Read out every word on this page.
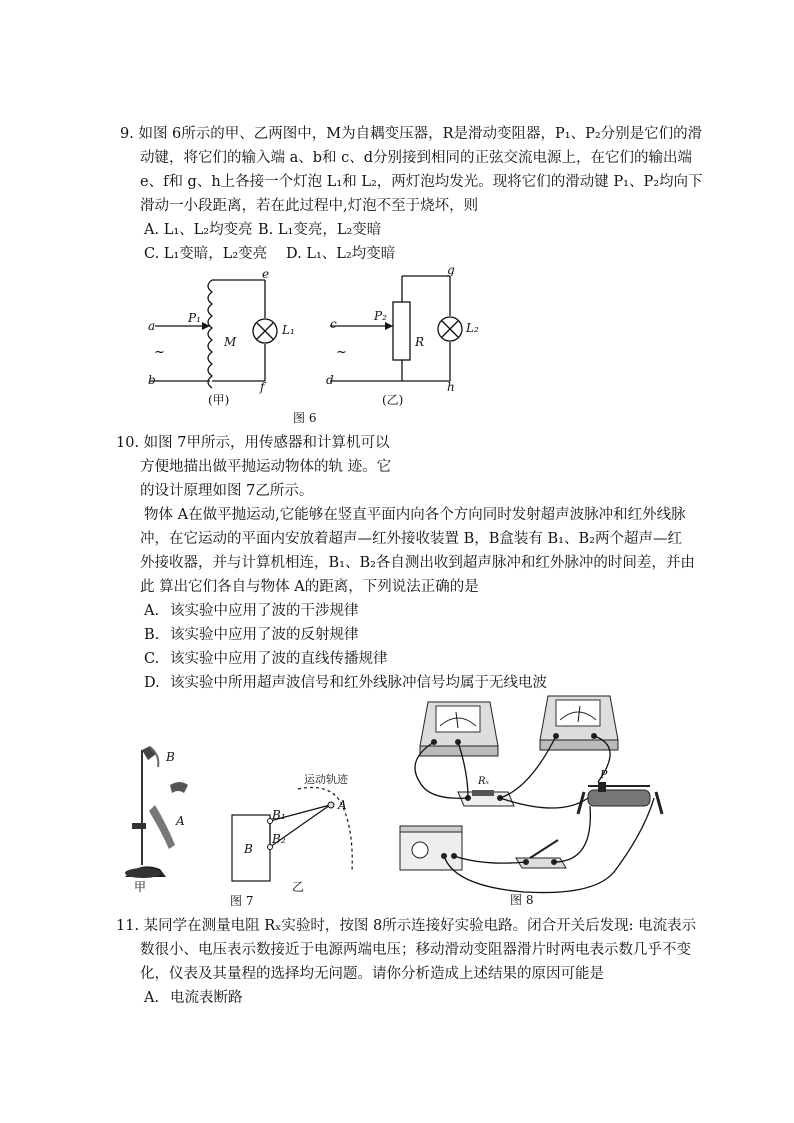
9. 如图 6所示的甲、乙两图中，M为自耦变压器，R是滑动变阻器，P₁、P₂分别是它们的滑
动键，将它们的输入端 a、b和 c、d分别接到相同的正弦交流电源上，在它们的输出端
e、f和 g、h上各接一个灯泡 L₁和 L₂，两灯泡均发光。现将它们的滑动键 P₁、P₂均向下
滑动一小段距离，若在此过程中,灯泡不至于烧坏，则
A. L₁、L₂均变亮 B. L₁变亮，L₂变暗
C. L₁变暗，L₂变亮 D. L₁、L₂均变暗
a
b
e
f
P₁
M
L₁	c
d
g
h
P₂
R
L₂
~	~
(甲)	(乙)
图 6
10. 如图 7甲所示，用传感器和计算机可以
方便地描出做平抛运动物体的轨 迹。它
的设计原理如图 7乙所示。
物体 A在做平抛运动,它能够在竖直平面内向各个方向同时发射超声波脉冲和红外线脉
冲，在它运动的平面内安放着超声—红外接收装置 B，B盒装有 B₁、B₂两个超声—红
外接收器，并与计算机相连，B₁、B₂各自测出收到超声脉冲和红外脉冲的时间差，并由
此 算出它们各自与物体 A的距离，下列说法正确的是
A. 该实验中应用了波的干涉规律
B. 该实验中应用了波的反射规律
C. 该实验中应用了波的直线传播规律
D. 该实验中所用超声波信号和红外线脉冲信号均属于无线电波
B
A
甲
B
B₁
B₂
A
运动轨迹
乙
图 7
Rₓ
P
图 8
11. 某同学在测量电阻 Rₓ实验时，按图 8所示连接好实验电路。闭合开关后发现: 电流表示
数很小、电压表示数接近于电源两端电压；移动滑动变阻器滑片时两电表示数几乎不变
化，仪表及其量程的选择均无问题。请你分析造成上述结果的原因可能是
A. 电流表断路
